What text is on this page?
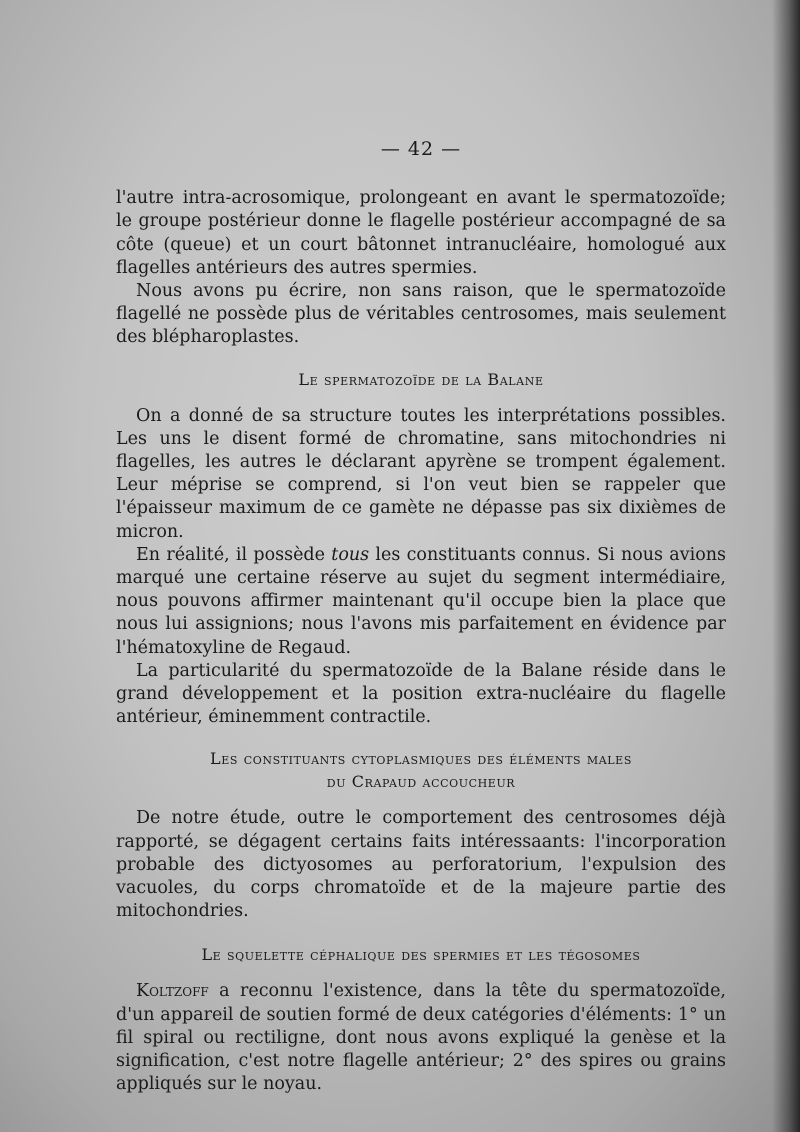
— 42 —

l'autre intra-acrosomique, prolongeant en avant le spermatozoïde; le groupe postérieur donne le flagelle postérieur accompagné de sa côte (queue) et un court bâtonnet intranucléaire, homologué aux flagelles antérieurs des autres spermies.

Nous avons pu écrire, non sans raison, que le spermatozoïde flagellé ne possède plus de véritables centrosomes, mais seulement des blépharoplastes.

Le spermatozoïde de la Balane

On a donné de sa structure toutes les interprétations possibles. Les uns le disent formé de chromatine, sans mitochondries ni flagelles, les autres le déclarant apyrène se trompent également. Leur méprise se comprend, si l'on veut bien se rappeler que l'épaisseur maximum de ce gamète ne dépasse pas six dixièmes de micron.

En réalité, il possède tous les constituants connus. Si nous avions marqué une certaine réserve au sujet du segment intermédiaire, nous pouvons affirmer maintenant qu'il occupe bien la place que nous lui assignions; nous l'avons mis parfaitement en évidence par l'hématoxyline de Regaud.

La particularité du spermatozoïde de la Balane réside dans le grand développement et la position extra-nucléaire du flagelle antérieur, éminemment contractile.

Les constituants cytoplasmiques des éléments males
du Crapaud accoucheur

De notre étude, outre le comportement des centrosomes déjà rapporté, se dégagent certains faits intéressaants: l'incorporation probable des dictyosomes au perforatorium, l'expulsion des vacuoles, du corps chromatoïde et de la majeure partie des mitochondries.

Le squelette céphalique des spermies et les tégosomes

Koltzoff a reconnu l'existence, dans la tête du spermatozoïde, d'un appareil de soutien formé de deux catégories d'éléments: 1° un fil spiral ou rectiligne, dont nous avons expliqué la genèse et la signification, c'est notre flagelle antérieur; 2° des spires ou grains appliqués sur le noyau.
